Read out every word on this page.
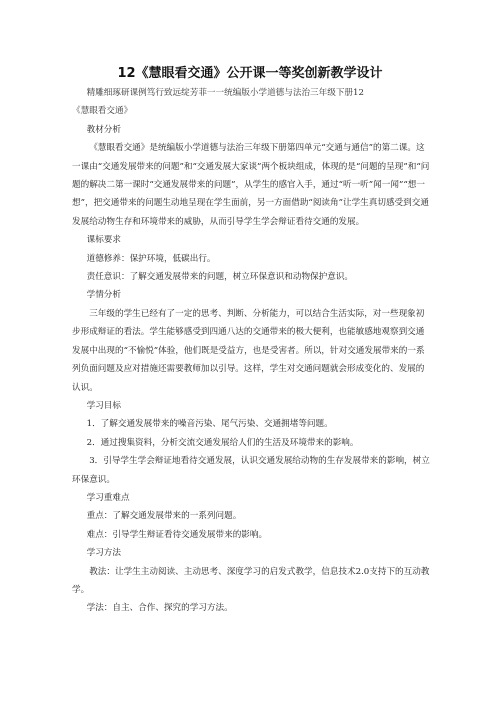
12《慧眼看交通》公开课一等奖创新教学设计

精雕细琢研课例笃行致远绽芳菲一一统编版小学道德与法治三年级下册12

《慧眼看交通》

教材分析

《慧眼看交通》是统编版小学道德与法治三年级下册第四单元“交通与通信”的第二课。这一课由“交通发展带来的问题”和“交通发展大家谈”两个板块组成，体现的是“问题的呈现”和“问题的解决二第一课时“交通发展带来的问题”，从学生的感官入手，通过“听一听”闻一闻”“想一想”，把交通带来的问题生动地呈现在学生面前，另一方面借助“阅读角”让学生真切感受到交通发展给动物生存和环境带来的威胁，从而引导学生学会辩证看待交通的发展。

课标要求

道德修养：保护环境，低碳出行。

责任意识：了解交通发展带来的问题，树立环保意识和动物保护意识。

学情分析

三年级的学生已经有了一定的思考、判断、分析能力，可以结合生活实际，对一些现象初步形成辩证的看法。学生能够感受到四通八达的交通带来的极大便利，也能敏感地观察到交通发展中出现的“不愉悦”体验，他们既是受益方，也是受害者。所以，针对交通发展带来的一系列负面问题及应对措施还需要教师加以引导。这样，学生对交通问题就会形成变化的、发展的认识。

学习目标

1．了解交通发展带来的噪音污染、尾气污染、交通拥堵等问题。

2．通过搜集资料，分析交流交通发展给人们的生活及环境带来的影响。

3．引导学生学会辩证地看待交通发展，认识交通发展给动物的生存发展带来的影响，树立环保意识。

学习重难点

重点：了解交通发展带来的一系列问题。

难点：引导学生辩证看待交通发展带来的影响。

学习方法

教法：让学生主动阅读、主动思考、深度学习的启发式教学，信息技术2.0支持下的互动教学。

学法：自主、合作、探究的学习方法。
